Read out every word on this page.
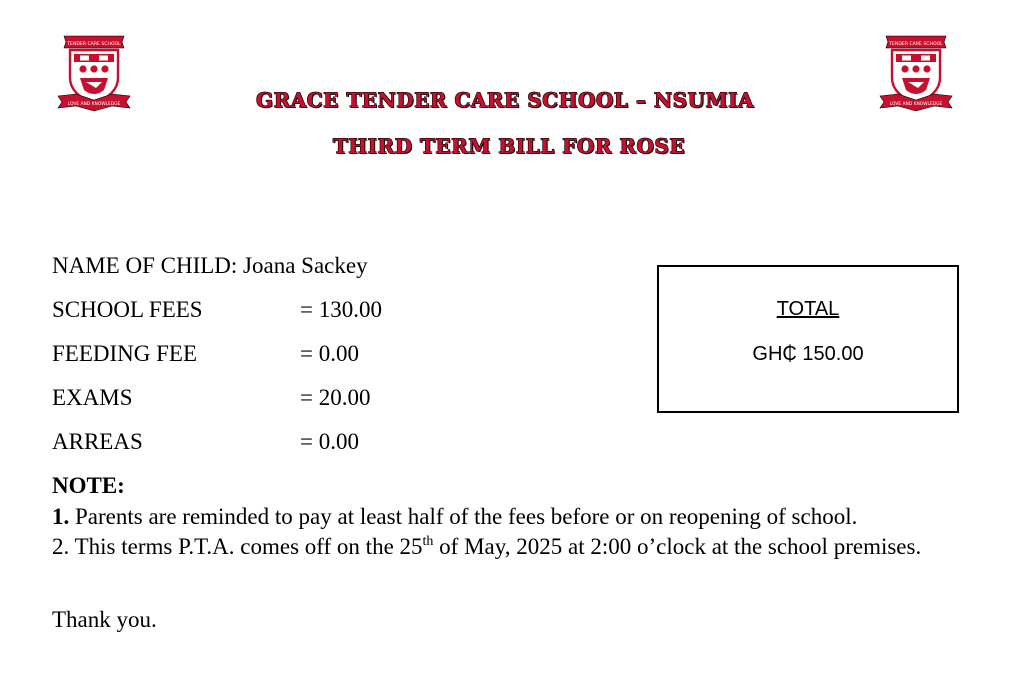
TENDER CARE SCHOOL
LOVE AND KNOWLEDGE
TENDER CARE SCHOOL
LOVE AND KNOWLEDGE
GRACE TENDER CARE SCHOOL – NSUMIA
THIRD TERM BILL FOR ROSE
NAME OF CHILD: Joana Sackey
SCHOOL FEES	= 130.00
FEEDING FEE	= 0.00
EXAMS	= 20.00
ARREAS	= 0.00
TOTAL
GH₵ 150.00
NOTE:
1. Parents are reminded to pay at least half of the fees before or on reopening of school.
2. This terms P.T.A. comes off on the 25th of May, 2025 at 2:00 o’clock at the school premises.
Thank you.
